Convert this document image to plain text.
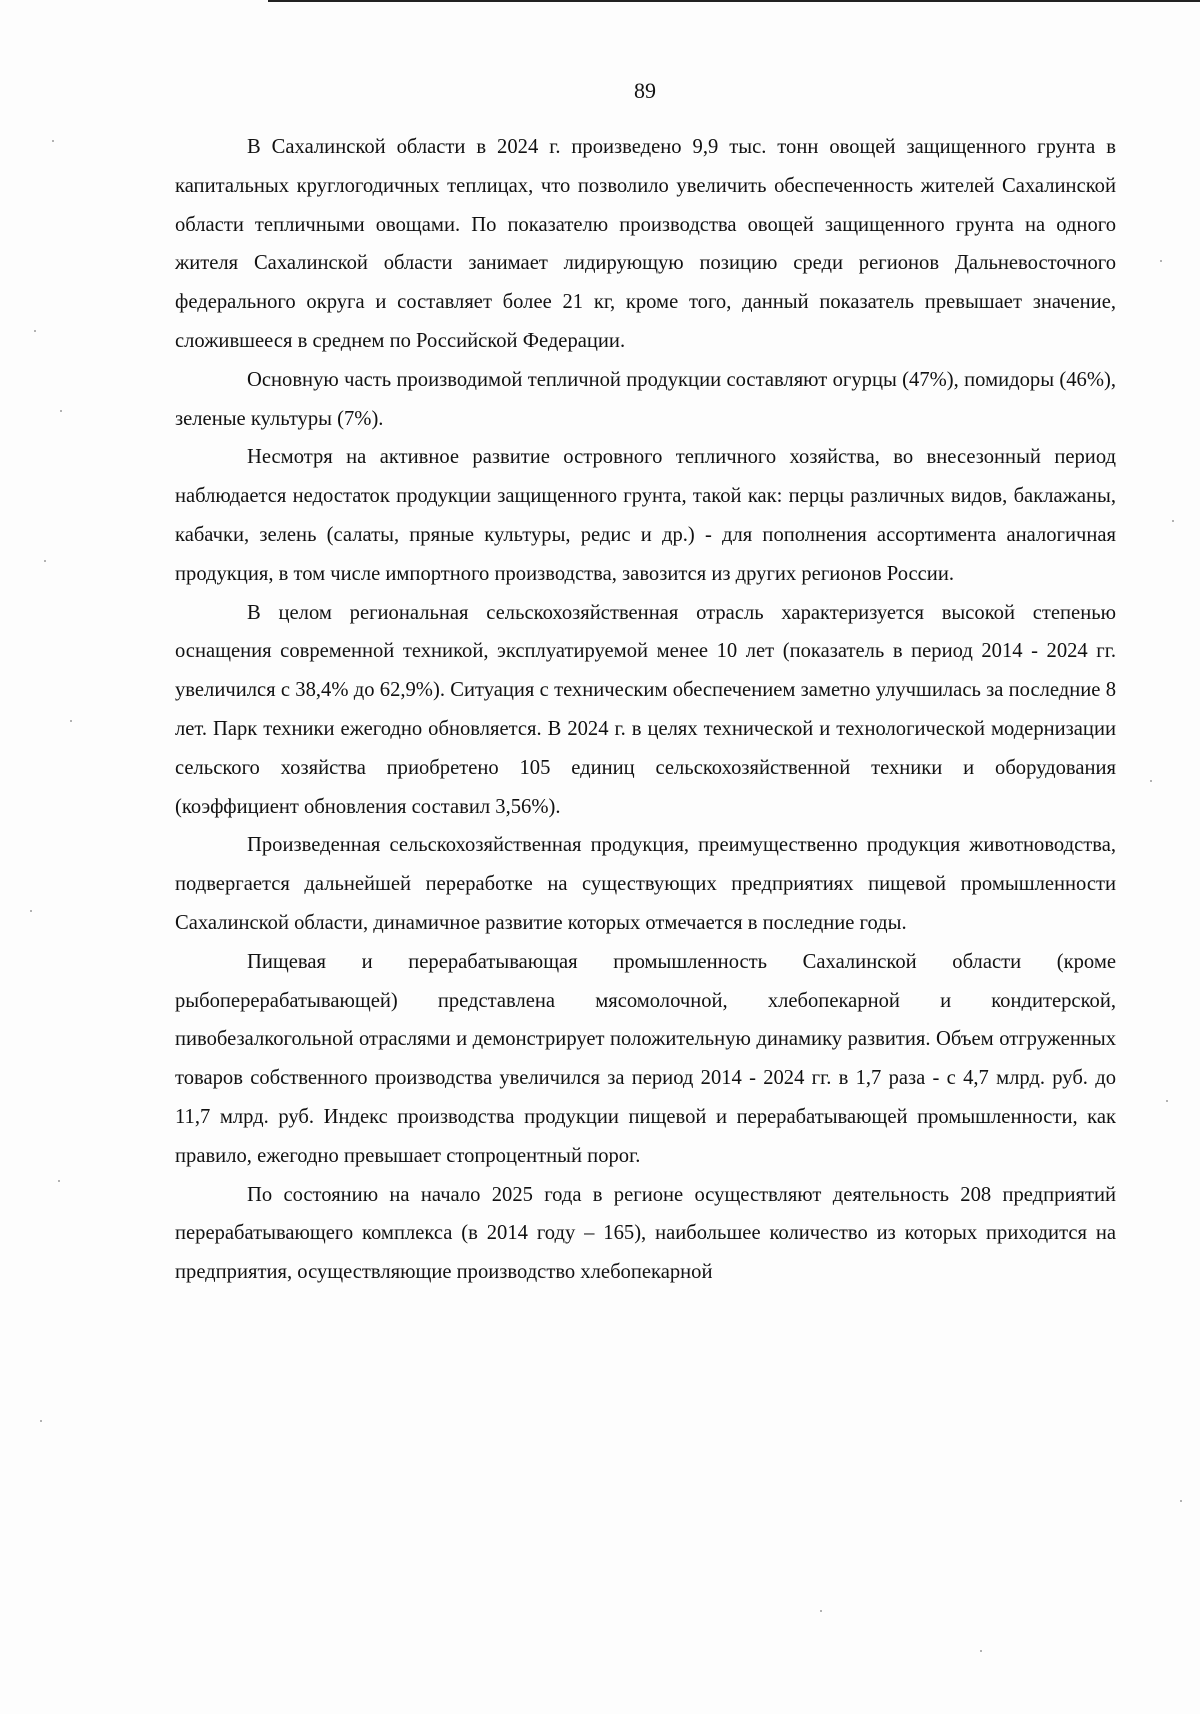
89

В Сахалинской области в 2024 г. произведено 9,9 тыс. тонн овощей защищенного грунта в капитальных круглогодичных теплицах, что позволило увеличить обеспеченность жителей Сахалинской области тепличными овощами. По показателю производства овощей защищенного грунта на одного жителя Сахалинской области занимает лидирующую позицию среди регионов Дальневосточного федерального округа и составляет более 21 кг, кроме того, данный показатель превышает значение, сложившееся в среднем по Российской Федерации.

Основную часть производимой тепличной продукции составляют огурцы (47%), помидоры (46%), зеленые культуры (7%).

Несмотря на активное развитие островного тепличного хозяйства, во внесезонный период наблюдается недостаток продукции защищенного грунта, такой как: перцы различных видов, баклажаны, кабачки, зелень (салаты, пряные культуры, редис и др.) - для пополнения ассортимента аналогичная продукция, в том числе импортного производства, завозится из других регионов России.

В целом региональная сельскохозяйственная отрасль характеризуется высокой степенью оснащения современной техникой, эксплуатируемой менее 10 лет (показатель в период 2014 - 2024 гг. увеличился с 38,4% до 62,9%). Ситуация с техническим обеспечением заметно улучшилась за последние 8 лет. Парк техники ежегодно обновляется. В 2024 г. в целях технической и технологической модернизации сельского хозяйства приобретено 105 единиц сельскохозяйственной техники и оборудования (коэффициент обновления составил 3,56%).

Произведенная сельскохозяйственная продукция, преимущественно продукция животноводства, подвергается дальнейшей переработке на существующих предприятиях пищевой промышленности Сахалинской области, динамичное развитие которых отмечается в последние годы.

Пищевая и перерабатывающая промышленность Сахалинской области (кроме рыбоперерабатывающей) представлена мясомолочной, хлебопекарной и кондитерской, пивобезалкогольной отраслями и демонстрирует положительную динамику развития. Объем отгруженных товаров собственного производства увеличился за период 2014 - 2024 гг. в 1,7 раза - с 4,7 млрд. руб. до 11,7 млрд. руб. Индекс производства продукции пищевой и перерабатывающей промышленности, как правило, ежегодно превышает стопроцентный порог.

По состоянию на начало 2025 года в регионе осуществляют деятельность 208 предприятий перерабатывающего комплекса (в 2014 году – 165), наибольшее количество из которых приходится на предприятия, осуществляющие производство хлебопекарной
